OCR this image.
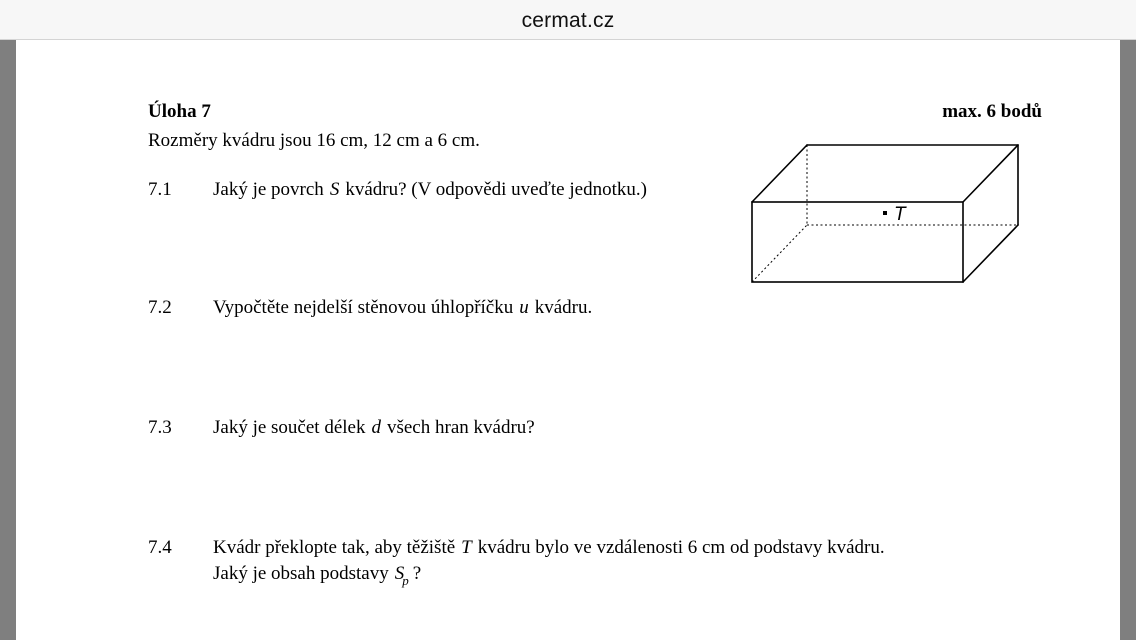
cermat.cz
Úloha 7	max. 6 bodů
Rozměry kvádru jsou 16 cm, 12 cm a 6 cm.
7.1 Jaký je povrch S kvádru? (V odpovědi uveďte jednotku.)
7.2 Vypočtěte nejdelší stěnovou úhlopříčku u kvádru.
7.3 Jaký je součet délek d všech hran kvádru?
7.4 Kvádr překlopte tak, aby těžiště T kvádru bylo ve vzdálenosti 6 cm od podstavy kvádru.
Jaký je obsah podstavy $S_p$ ?
T
